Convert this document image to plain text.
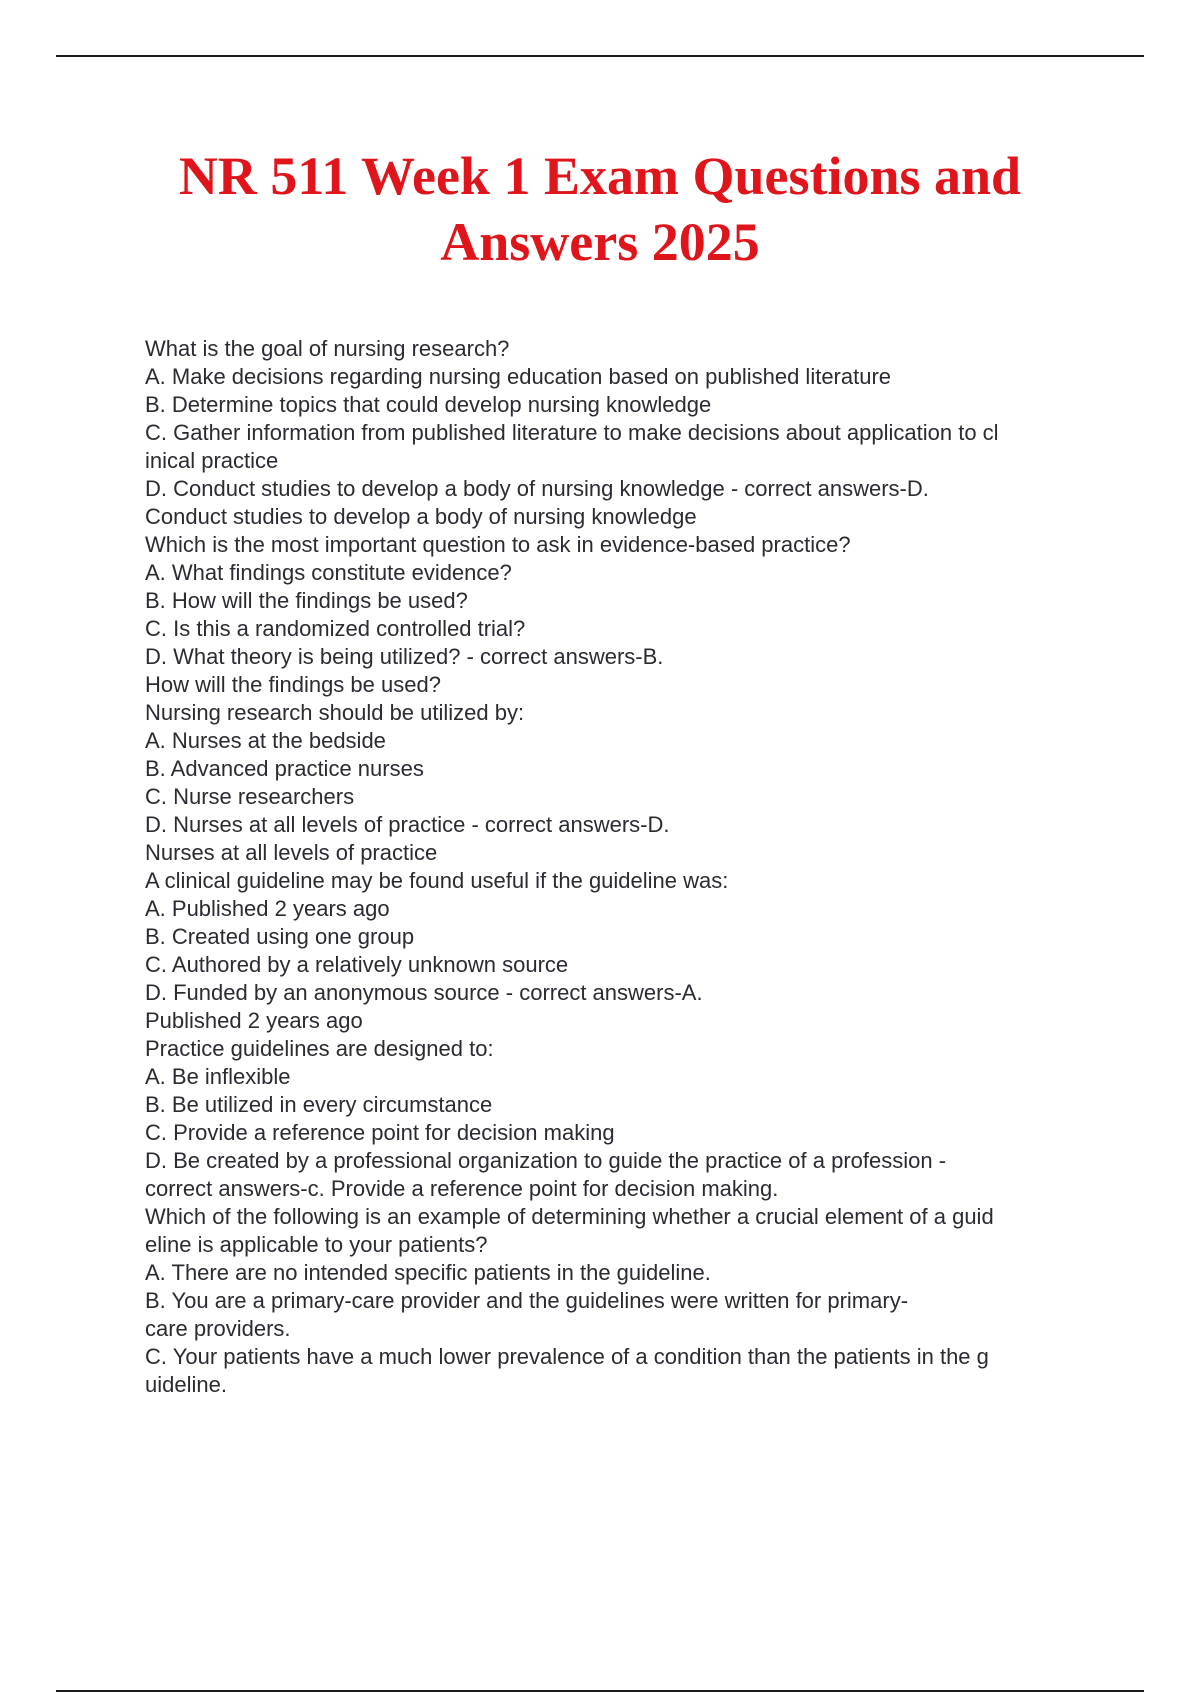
NR 511 Week 1 Exam Questions and Answers 2025
What is the goal of nursing research?
A. Make decisions regarding nursing education based on published literature
B. Determine topics that could develop nursing knowledge
C. Gather information from published literature to make decisions about application to cl
inical practice
D. Conduct studies to develop a body of nursing knowledge - correct answers-D.
Conduct studies to develop a body of nursing knowledge
Which is the most important question to ask in evidence-based practice?
A. What findings constitute evidence?
B. How will the findings be used?
C. Is this a randomized controlled trial?
D. What theory is being utilized? - correct answers-B.
How will the findings be used?
Nursing research should be utilized by:
A. Nurses at the bedside
B. Advanced practice nurses
C. Nurse researchers
D. Nurses at all levels of practice - correct answers-D.
Nurses at all levels of practice
A clinical guideline may be found useful if the guideline was:
A. Published 2 years ago
B. Created using one group
C. Authored by a relatively unknown source
D. Funded by an anonymous source - correct answers-A.
Published 2 years ago
Practice guidelines are designed to:
A. Be inflexible
B. Be utilized in every circumstance
C. Provide a reference point for decision making
D. Be created by a professional organization to guide the practice of a profession -
correct answers-c. Provide a reference point for decision making.
Which of the following is an example of determining whether a crucial element of a guid
eline is applicable to your patients?
A. There are no intended specific patients in the guideline.
B. You are a primary-care provider and the guidelines were written for primary-
care providers.
C. Your patients have a much lower prevalence of a condition than the patients in the g
uideline.
